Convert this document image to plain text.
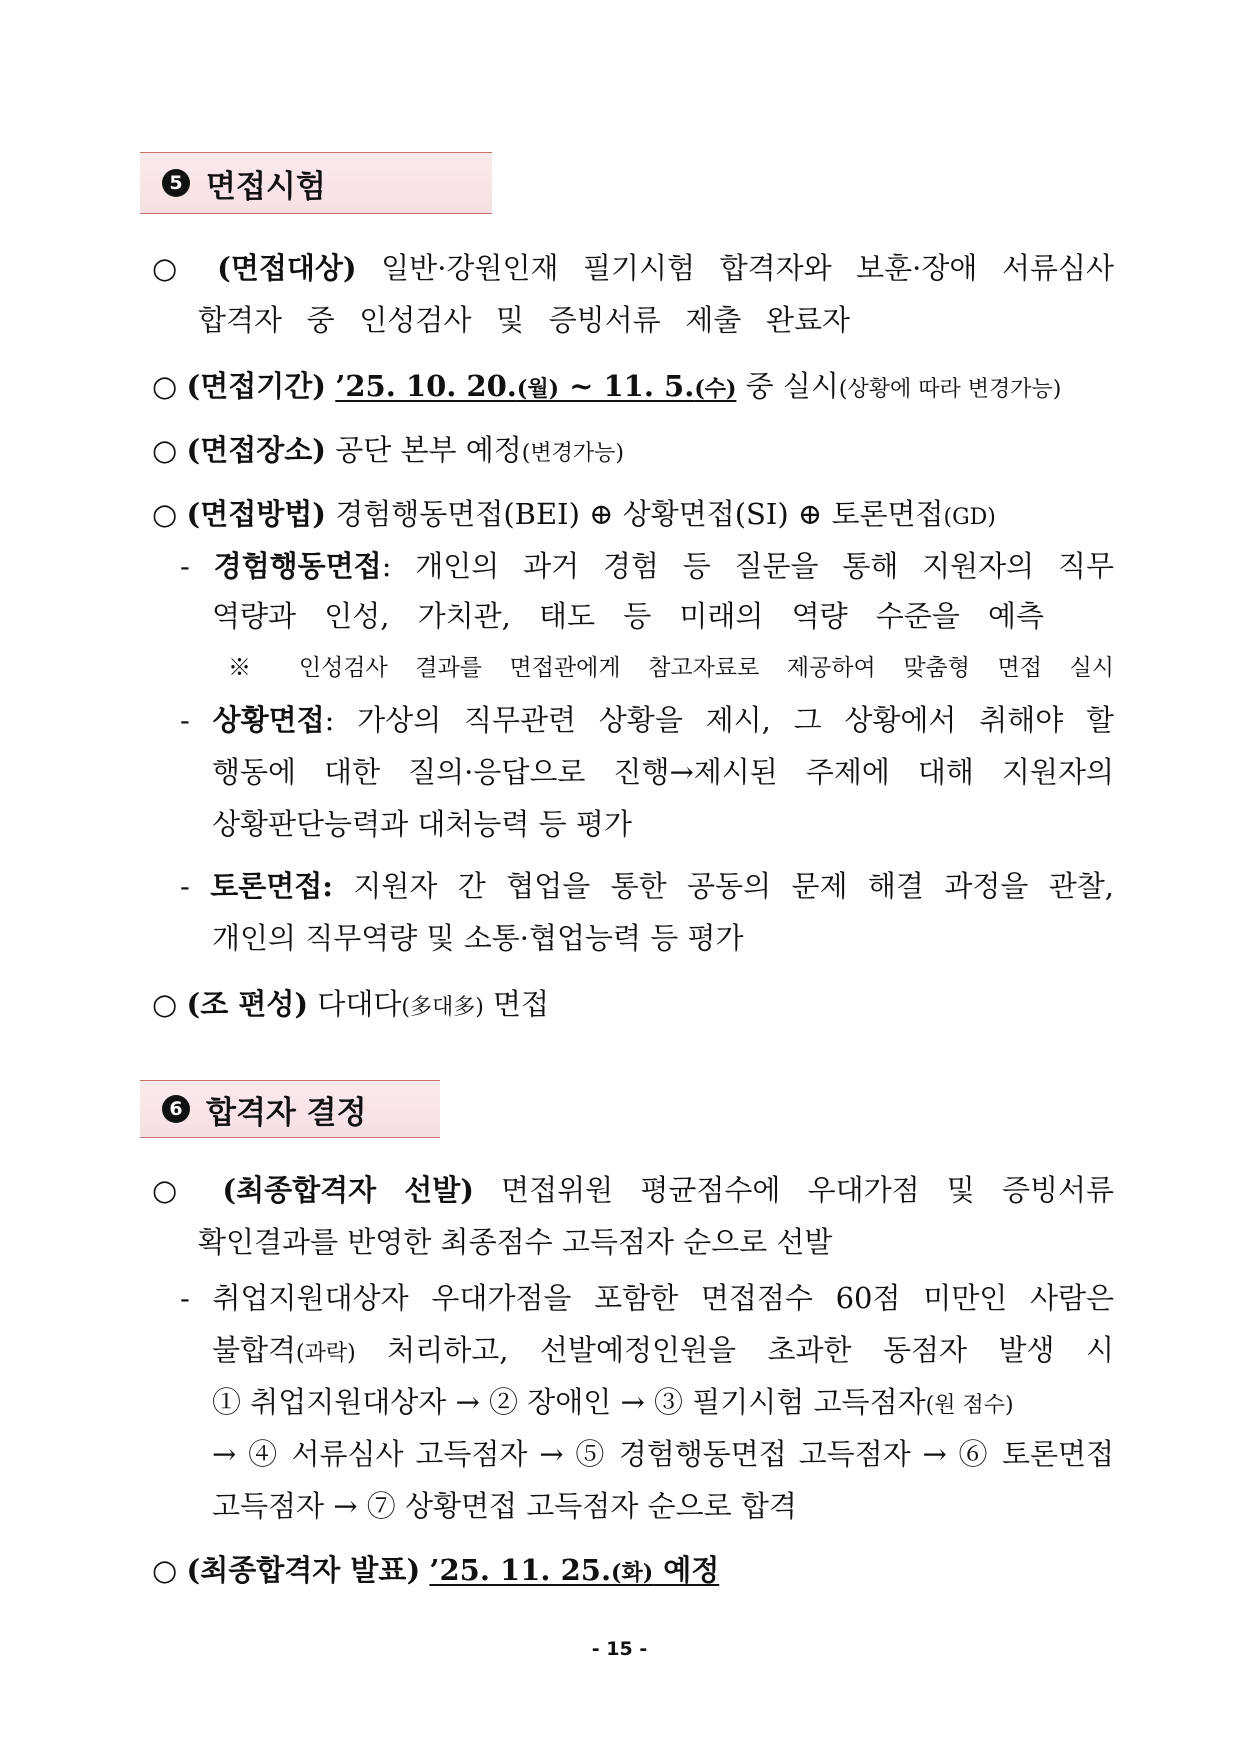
5 면접시험
○ (면접대상) 일반·강원인재 필기시험 합격자와 보훈·장애 서류심사
합격자 중 인성검사 및 증빙서류 제출 완료자
○ (면접기간) ’25. 10. 20.(월) ~ 11. 5.(수) 중 실시(상황에 따라 변경가능)
○ (면접장소) 공단 본부 예정(변경가능)
○ (면접방법) 경험행동면접(BEI) ⊕ 상황면접(SI) ⊕ 토론면접(GD)
- 경험행동면접: 개인의 과거 경험 등 질문을 통해 지원자의 직무
역량과 인성, 가치관, 태도 등 미래의 역량 수준을 예측
※ 인성검사 결과를 면접관에게 참고자료로 제공하여 맞춤형 면접 실시
- 상황면접: 가상의 직무관련 상황을 제시, 그 상황에서 취해야 할
행동에 대한 질의·응답으로 진행→제시된 주제에 대해 지원자의
상황판단능력과 대처능력 등 평가
- 토론면접: 지원자 간 협업을 통한 공동의 문제 해결 과정을 관찰,
개인의 직무역량 및 소통·협업능력 등 평가
○ (조 편성) 다대다(多대多) 면접
6 합격자 결정
○ (최종합격자 선발) 면접위원 평균점수에 우대가점 및 증빙서류
확인결과를 반영한 최종점수 고득점자 순으로 선발
- 취업지원대상자 우대가점을 포함한 면접점수 60점 미만인 사람은
불합격(과락) 처리하고, 선발예정인원을 초과한 동점자 발생 시
① 취업지원대상자 → ② 장애인 → ③ 필기시험 고득점자(원 점수)
→ ④ 서류심사 고득점자 → ⑤ 경험행동면접 고득점자 → ⑥ 토론면접
고득점자 → ⑦ 상황면접 고득점자 순으로 합격
○ (최종합격자 발표) ’25. 11. 25.(화) 예정
- 15 -
